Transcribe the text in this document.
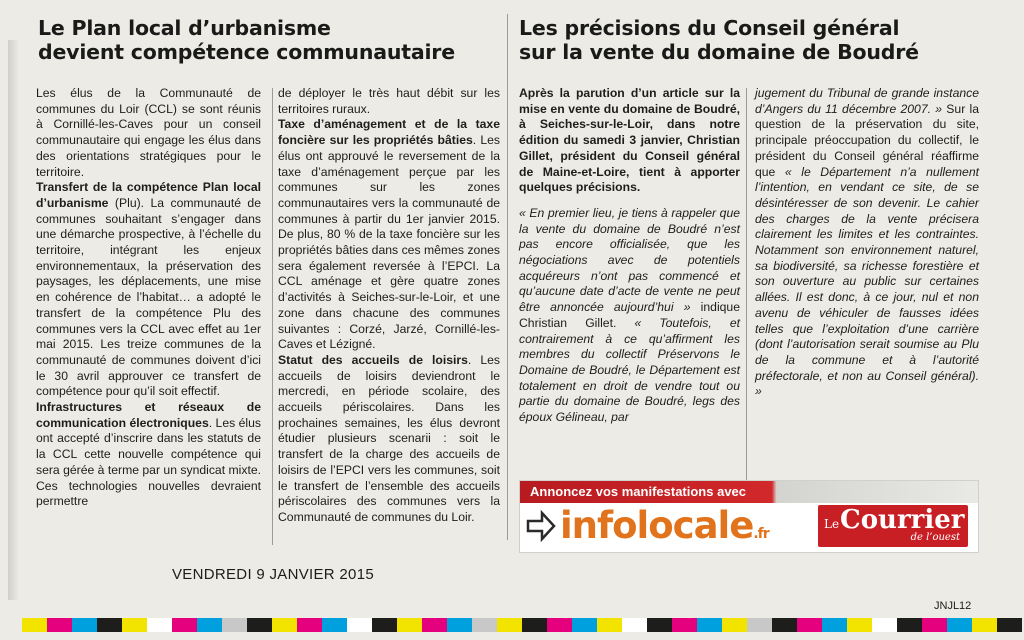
Le Plan local d’urbanisme
devient compétence communautaire
Les précisions du Conseil général
sur la vente du domaine de Boudré

Les élus de la Communauté de communes du Loir (CCL) se sont réunis à Cornillé-les-Caves pour un conseil communautaire qui engage les élus dans des orientations stratégiques pour le territoire.

Transfert de la compétence Plan local d’urbanisme (Plu). La communauté de communes souhaitant s’engager dans une démarche prospective, à l’échelle du territoire, intégrant les enjeux environnementaux, la préservation des paysages, les déplacements, une mise en cohérence de l’habitat… a adopté le transfert de la compétence Plu des communes vers la CCL avec effet au 1er mai 2015. Les treize communes de la communauté de communes doivent d’ici le 30 avril approuver ce transfert de compétence pour qu’il soit effectif.

Infrastructures et réseaux de communication électroniques. Les élus ont accepté d’inscrire dans les statuts de la CCL cette nouvelle compétence qui sera gérée à terme par un syndicat mixte. Ces technologies nouvelles devraient permettre

de déployer le très haut débit sur les territoires ruraux.

Taxe d’aménagement et de la taxe foncière sur les propriétés bâties. Les élus ont approuvé le reversement de la taxe d’aménagement perçue par les communes sur les zones communautaires vers la communauté de communes à partir du 1er janvier 2015. De plus, 80 % de la taxe foncière sur les propriétés bâties dans ces mêmes zones sera également reversée à l’EPCI. La CCL aménage et gère quatre zones d’activités à Seiches-sur-le-Loir, et une zone dans chacune des communes suivantes : Corzé, Jarzé, Cornillé-les-Caves et Lézigné.

Statut des accueils de loisirs. Les accueils de loisirs deviendront le mercredi, en période scolaire, des accueils périscolaires. Dans les prochaines semaines, les élus devront étudier plusieurs scenarii : soit le transfert de la charge des accueils de loisirs de l’EPCI vers les communes, soit le transfert de l’ensemble des accueils périscolaires des communes vers la Communauté de communes du Loir.

Après la parution d’un article sur la mise en vente du domaine de Boudré, à Seiches-sur-le-Loir, dans notre édition du samedi 3 janvier, Christian Gillet, président du Conseil général de Maine-et-Loire, tient à apporter quelques précisions.

« En premier lieu, je tiens à rappeler que la vente du domaine de Boudré n’est pas encore officialisée, que les négociations avec de potentiels acquéreurs n’ont pas commencé et qu’aucune date d’acte de vente ne peut être annoncée aujourd’hui » indique Christian Gillet. « Toutefois, et contrairement à ce qu’affirment les membres du collectif Préservons le Domaine de Boudré, le Département est totalement en droit de vendre tout ou partie du domaine de Boudré, legs des époux Gélineau, par

jugement du Tribunal de grande instance d’Angers du 11 décembre 2007. » Sur la question de la préservation du site, principale préoccupation du collectif, le président du Conseil général réaffirme que « le Département n’a nullement l’intention, en vendant ce site, de se désintéresser de son devenir. Le cahier des charges de la vente précisera clairement les limites et les contraintes. Notamment son environnement naturel, sa biodiversité, sa richesse forestière et son ouverture au public sur certaines allées. Il est donc, à ce jour, nul et non avenu de véhiculer de fausses idées telles que l’exploitation d’une carrière (dont l’autorisation serait soumise au Plu de la commune et à l’autorité préfectorale, et non au Conseil général). »

Annoncez vos manifestations avec
infolocale.fr
Le Courrier
de l’ouest
VENDREDI 9 JANVIER 2015
JNJL12
